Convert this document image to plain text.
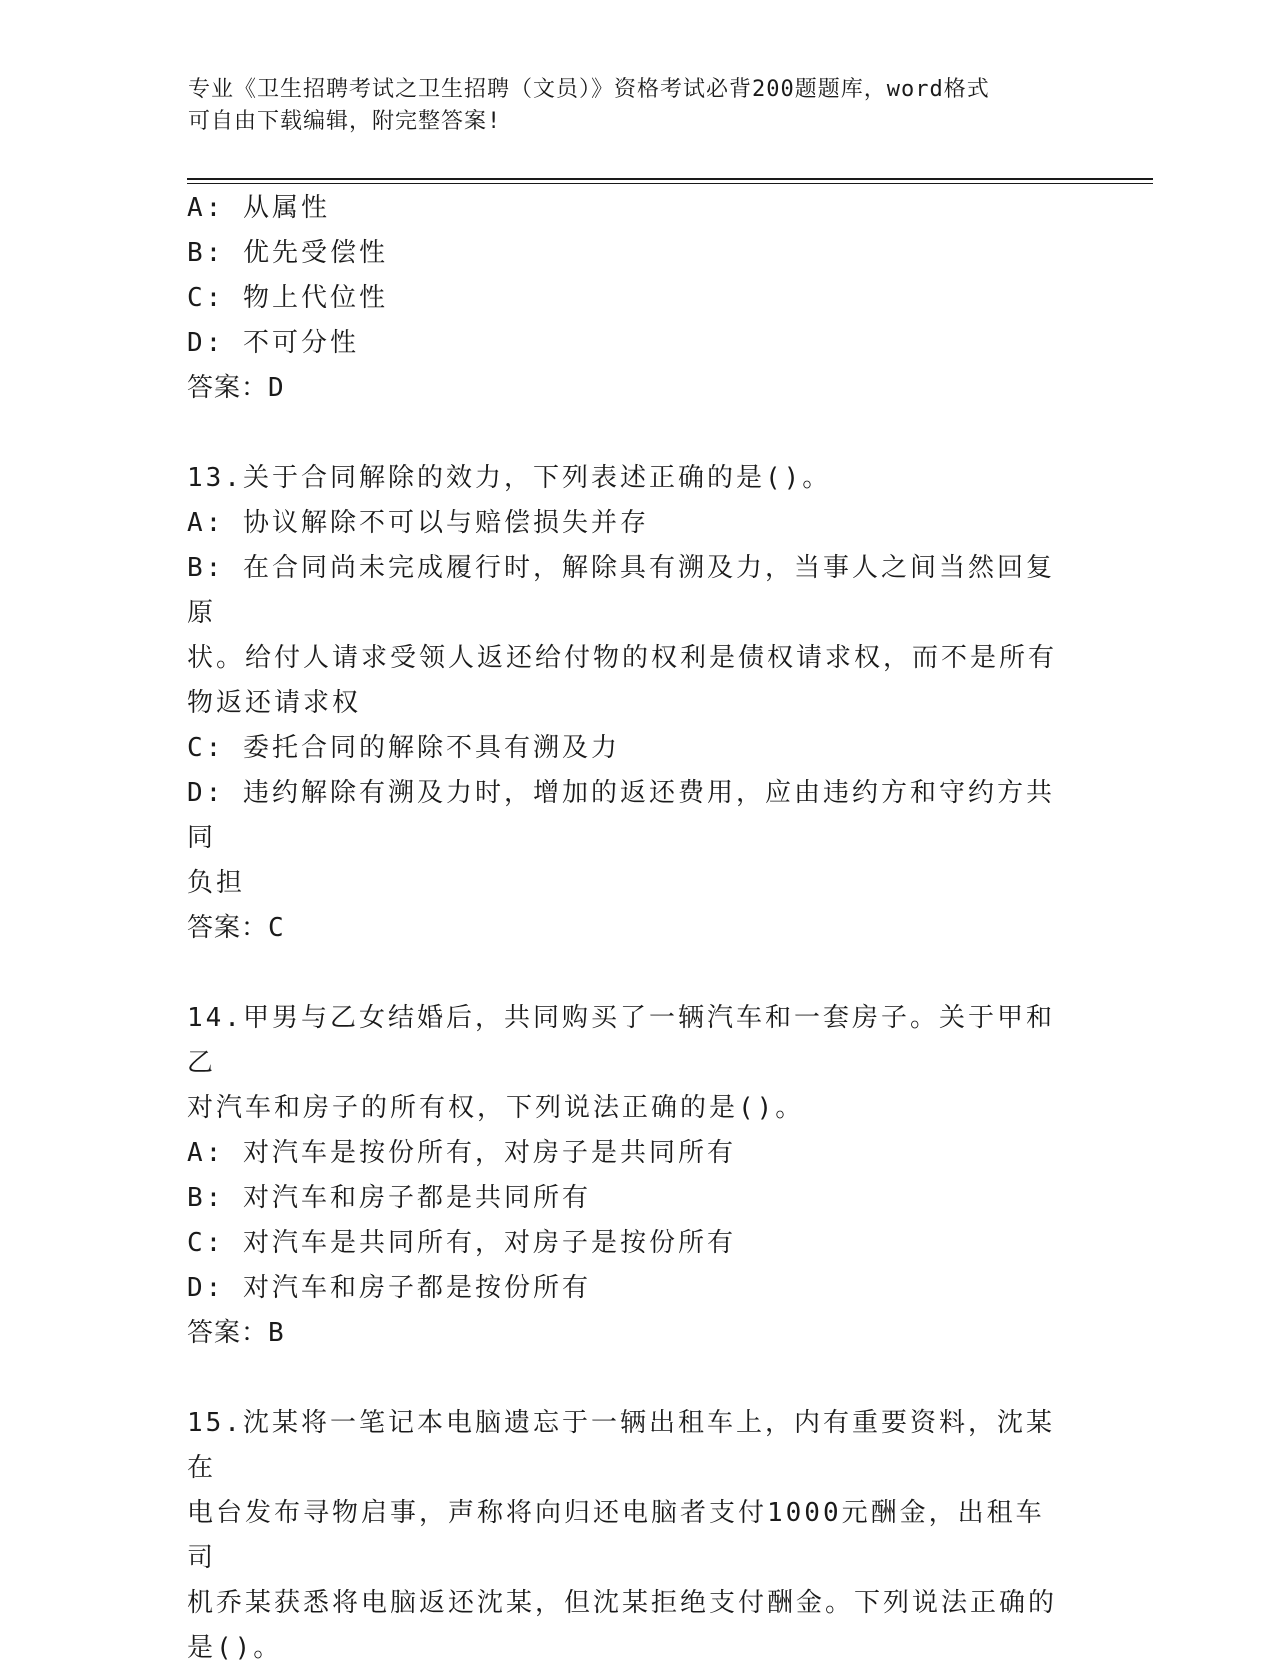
专业《卫生招聘考试之卫生招聘（文员）》资格考试必背200题题库，word格式
可自由下载编辑，附完整答案!
A: 从属性
B: 优先受偿性
C: 物上代位性
D: 不可分性
答案：D
13.关于合同解除的效力，下列表述正确的是()。
A: 协议解除不可以与赔偿损失并存
B: 在合同尚未完成履行时，解除具有溯及力，当事人之间当然回复原
状。给付人请求受领人返还给付物的权利是债权请求权，而不是所有
物返还请求权
C: 委托合同的解除不具有溯及力
D: 违约解除有溯及力时，增加的返还费用，应由违约方和守约方共同
负担
答案：C
14.甲男与乙女结婚后，共同购买了一辆汽车和一套房子。关于甲和乙
对汽车和房子的所有权，下列说法正确的是()。
A: 对汽车是按份所有，对房子是共同所有
B: 对汽车和房子都是共同所有
C: 对汽车是共同所有，对房子是按份所有
D: 对汽车和房子都是按份所有
答案：B
15.沈某将一笔记本电脑遗忘于一辆出租车上，内有重要资料，沈某在
电台发布寻物启事，声称将向归还电脑者支付1000元酬金，出租车司
机乔某获悉将电脑返还沈某，但沈某拒绝支付酬金。下列说法正确的
是()。
